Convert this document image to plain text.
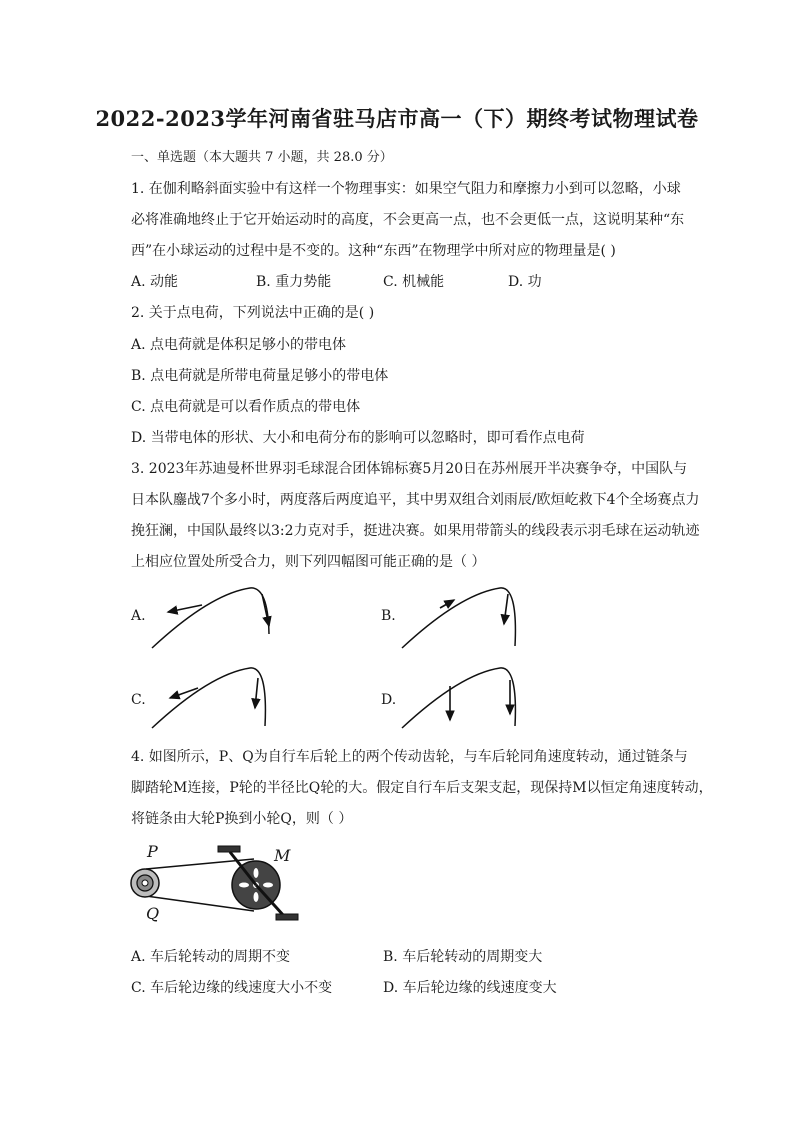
2022-2023学年河南省驻马店市高一（下）期终考试物理试卷
一、单选题（本大题共 7 小题，共 28.0 分）
1. 在伽利略斜面实验中有这样一个物理事实：如果空气阻力和摩擦力小到可以忽略，小球
必将准确地终止于它开始运动时的高度，不会更高一点，也不会更低一点，这说明某种“东
西”在小球运动的过程中是不变的。这种“东西”在物理学中所对应的物理量是( )
A. 动能	B. 重力势能	C. 机械能	D. 功
2. 关于点电荷，下列说法中正确的是( )
A. 点电荷就是体积足够小的带电体
B. 点电荷就是所带电荷量足够小的带电体
C. 点电荷就是可以看作质点的带电体
D. 当带电体的形状、大小和电荷分布的影响可以忽略时，即可看作点电荷
3. 2023年苏迪曼杯世界羽毛球混合团体锦标赛5月20日在苏州展开半决赛争夺，中国队与
日本队鏖战7个多小时，两度落后两度追平，其中男双组合刘雨辰/欧烜屹救下4个全场赛点力
挽狂澜，中国队最终以3:2力克对手，挺进决赛。如果用带箭头的线段表示羽毛球在运动轨迹
上相应位置处所受合力，则下列四幅图可能正确的是（ ）
A.	B.
C.	D.
4. 如图所示，P、Q为自行车后轮上的两个传动齿轮，与车后轮同角速度转动，通过链条与
脚踏轮M连接，P轮的半径比Q轮的大。假定自行车后支架支起，现保持M以恒定角速度转动，
将链条由大轮P换到小轮Q，则（ ）
P
Q
M
A. 车后轮转动的周期不变	B. 车后轮转动的周期变大
C. 车后轮边缘的线速度大小不变	D. 车后轮边缘的线速度变大
